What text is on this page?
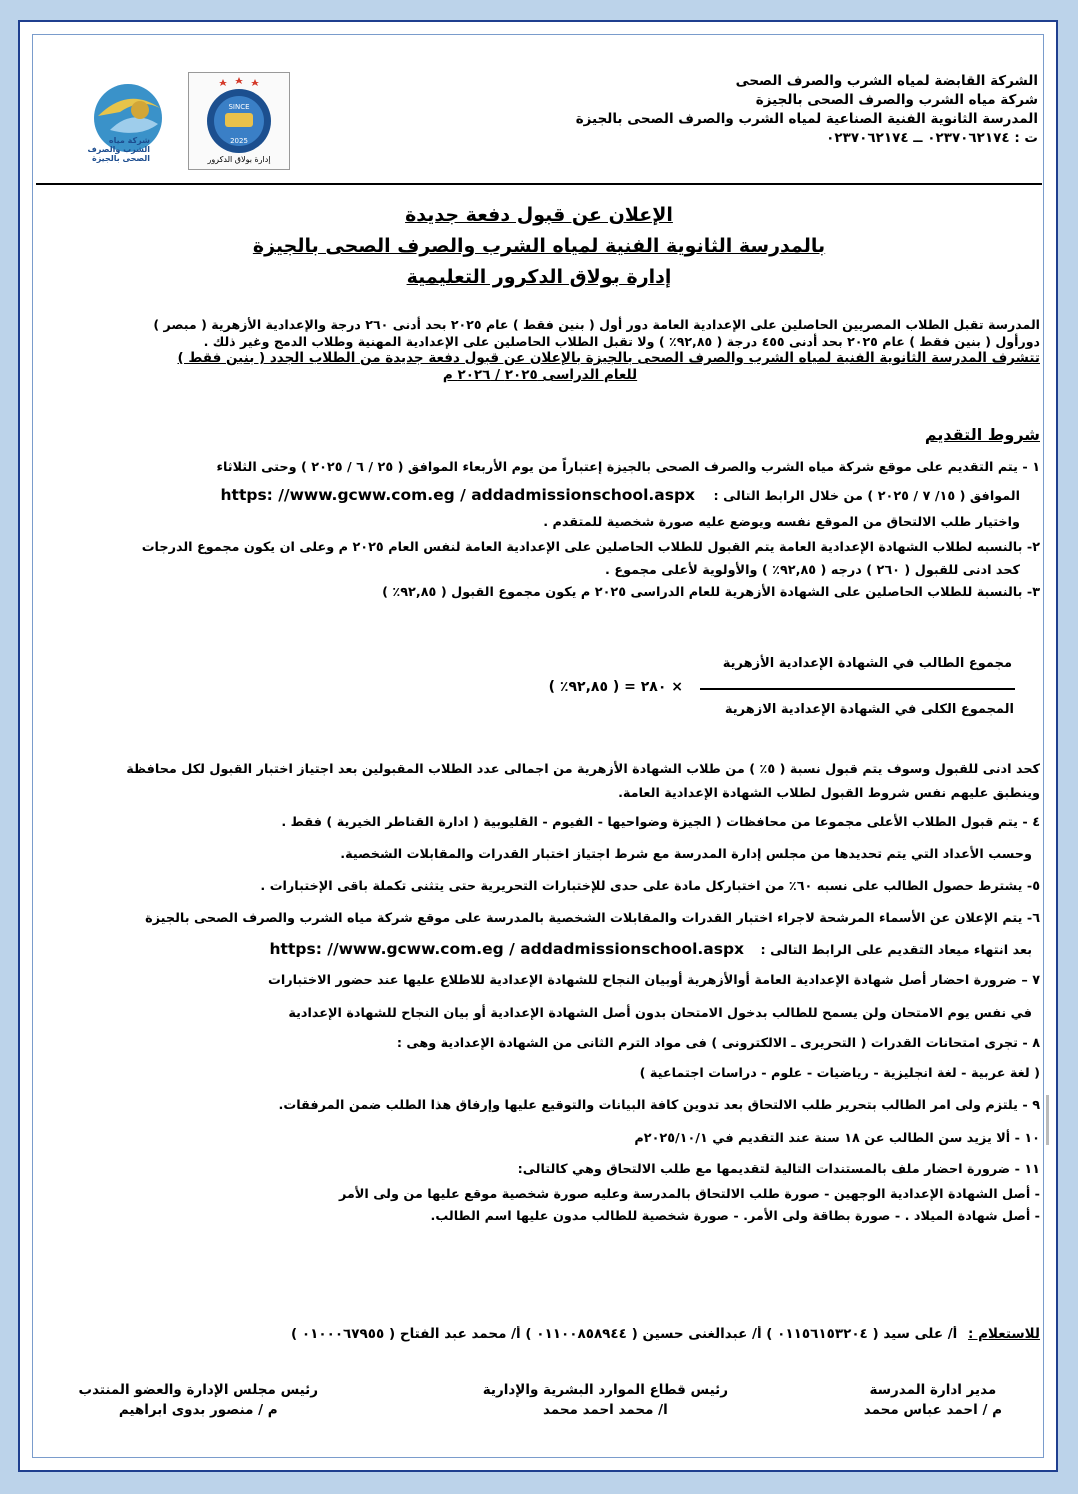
الشركة القابضة لمياه الشرب والصرف الصحى
شركة مياه الشرب والصرف الصحى بالجيزة
المدرسة الثانوية الفنية الصناعية لمياه الشرب والصرف الصحى بالجيزة
ت : ٠٢٣٧٠٦٢١٧٤ ــ ٠٢٣٧٠٦٢١٧٤
شركة مياه الشرب والصرف الصحى بالجيزة
SINCE
2025
إدارة بولاق الدكرور
الإعلان عن قبول دفعة جديدة
بالمدرسة الثانوية الفنية لمياه الشرب والصرف الصحى بالجيزة
إدارة بولاق الدكرور التعليمية
المدرسة تقبل الطلاب المصريين الحاصلين على الإعدادية العامة دور أول ( بنين فقط ) عام ٢٠٢٥ بحد أدنى ٢٦٠ درجة والإعدادية الأزهرية ( مبصر )
دورأول ( بنين فقط ) عام ٢٠٢٥ بحد أدنى ٤٥٥ درجة ( ٩٢,٨٥٪ ) ولا تقبل الطلاب الحاصلين على الإعدادية المهنية وطلاب الدمج وغير ذلك .
تتشرف المدرسة الثانوية الفنية لمياه الشرب والصرف الصحى بالجيزة بالإعلان عن قبول دفعة جديدة من الطلاب الجدد ( بنين فقط )
للعام الدراسى ٢٠٢٥ / ٢٠٢٦ م
شروط التقديم
١ - يتم التقديم على موقع شركة مياه الشرب والصرف الصحى بالجيزة إعتباراً من يوم الأربعاء الموافق ( ٢٥ / ٦ / ٢٠٢٥ ) وحتى الثلاثاء
الموافق ( ١٥/ ٧ / ٢٠٢٥ ) من خلال الرابط التالى : https: //www.gcww.com.eg / addadmissionschool.aspx
واختيار طلب الالتحاق من الموقع نفسه ويوضع عليه صورة شخصية للمتقدم .
٢- بالنسبه لطلاب الشهادة الإعدادية العامة يتم القبول للطلاب الحاصلين على الإعدادية العامة لنفس العام ٢٠٢٥ م وعلى ان يكون مجموع الدرجات
كحد ادنى للقبول ( ٢٦٠ ) درجه ( ٩٢,٨٥٪ ) والأولوية لأعلى مجموع .
٣- بالنسبة للطلاب الحاصلين على الشهادة الأزهرية للعام الدراسى ٢٠٢٥ م يكون مجموع القبول ( ٩٢,٨٥٪ )
مجموع الطالب في الشهادة الإعدادية الأزهرية
المجموع الكلى في الشهادة الإعدادية الازهرية
× ٢٨٠ = ( ٩٢,٨٥٪ )
كحد ادنى للقبول وسوف يتم قبول نسبة ( ٥٪ ) من طلاب الشهادة الأزهرية من اجمالى عدد الطلاب المقبولين بعد اجتياز اختبار القبول لكل محافظة
وينطبق عليهم نفس شروط القبول لطلاب الشهادة الإعدادية العامة.
٤ - يتم قبول الطلاب الأعلى مجموعا من محافظات ( الجيزة وضواحيها - الفيوم - القليوبية ( ادارة القناطر الخيرية ) فقط .
وحسب الأعداد التي يتم تحديدها من مجلس إدارة المدرسة مع شرط اجتياز اختبار القدرات والمقابلات الشخصية.
٥- يشترط حصول الطالب على نسبه ٦٠٪ من اختباركل مادة على حدى للإختبارات التحريرية حتى يتثنى تكملة باقى الإختبارات .
٦- يتم الإعلان عن الأسماء المرشحة لاجراء اختبار القدرات والمقابلات الشخصية بالمدرسة على موقع شركة مياه الشرب والصرف الصحى بالجيزة
بعد انتهاء ميعاد التقديم على الرابط التالى : https: //www.gcww.com.eg / addadmissionschool.aspx
٧ – ضرورة احضار أصل شهادة الإعدادية العامة أوالأزهرية أوبيان النجاح للشهادة الإعدادية للاطلاع عليها عند حضور الاختبارات
في نفس يوم الامتحان ولن يسمح للطالب بدخول الامتحان بدون أصل الشهادة الإعدادية أو بيان النجاح للشهادة الإعدادية
٨ - تجرى امتحانات القدرات ( التحريرى ـ الالكترونى ) فى مواد الترم الثانى من الشهادة الإعدادية وهى :
( لغة عربية - لغة انجليزية - رياضيات - علوم - دراسات اجتماعية )
٩ - يلتزم ولى امر الطالب بتحرير طلب الالتحاق بعد تدوين كافة البيانات والتوقيع عليها وإرفاق هذا الطلب ضمن المرفقات.
١٠ - ألا يزيد سن الطالب عن ١٨ سنة عند التقديم في ٢٠٢٥/١٠/١م
١١ - ضرورة احضار ملف بالمستندات التالية لتقديمها مع طلب الالتحاق وهي كالتالى:
- أصل الشهادة الإعدادية الوجهين - صورة طلب الالتحاق بالمدرسة وعليه صورة شخصية موقع عليها من ولى الأمر
- أصل شهادة الميلاد . - صورة بطاقة ولى الأمر. - صورة شخصية للطالب مدون عليها اسم الطالب.
للاستعلام : أ/ على سيد ( ٠١١٥٦١٥٣٢٠٤ ) أ/ عبدالغنى حسين ( ٠١١٠٠٨٥٨٩٤٤ ) أ/ محمد عبد الفتاح ( ٠١٠٠٠٦٧٩٥٥ )
مدير ادارة المدرسة
م / احمد عباس محمد
رئيس قطاع الموارد البشرية والإدارية
ا/ محمد احمد محمد
رئيس مجلس الإدارة والعضو المنتدب
م / منصور بدوى ابراهيم
